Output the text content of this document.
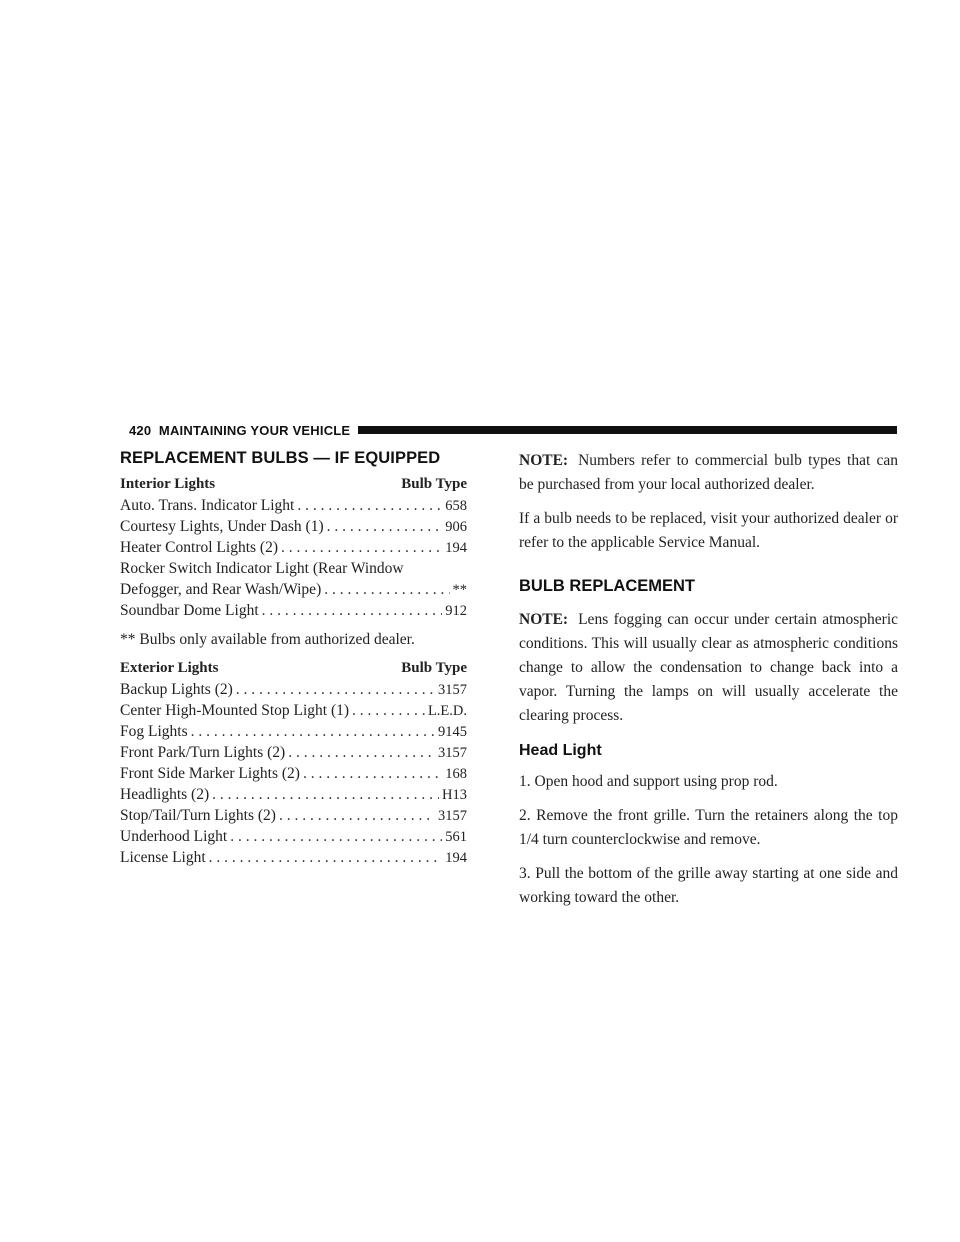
420 MAINTAINING YOUR VEHICLE
REPLACEMENT BULBS — IF EQUIPPED
Interior Lights	Bulb Type
Auto. Trans. Indicator Light . . .	658
Courtesy Lights, Under Dash (1) . . .	906
Heater Control Lights (2) . . .	194
Rocker Switch Indicator Light (Rear Window
Defogger, and Rear Wash/Wipe) . . .	**
Soundbar Dome Light . . .	912
** Bulbs only available from authorized dealer.
Exterior Lights	Bulb Type
Backup Lights (2) . . .	3157
Center High-Mounted Stop Light (1) . . .	L.E.D.
Fog Lights . . .	9145
Front Park/Turn Lights (2) . . .	3157
Front Side Marker Lights (2) . . .	168
Headlights (2) . . .	H13
Stop/Tail/Turn Lights (2) . . .	3157
Underhood Light . . .	561
License Light . . .	194

NOTE: Numbers refer to commercial bulb types that can be purchased from your local authorized dealer.

If a bulb needs to be replaced, visit your authorized dealer or refer to the applicable Service Manual.

BULB REPLACEMENT

NOTE: Lens fogging can occur under certain atmospheric conditions. This will usually clear as atmospheric conditions change to allow the condensation to change back into a vapor. Turning the lamps on will usually accelerate the clearing process.

Head Light

1. Open hood and support using prop rod.

2. Remove the front grille. Turn the retainers along the top 1/4 turn counterclockwise and remove.

3. Pull the bottom of the grille away starting at one side and working toward the other.
